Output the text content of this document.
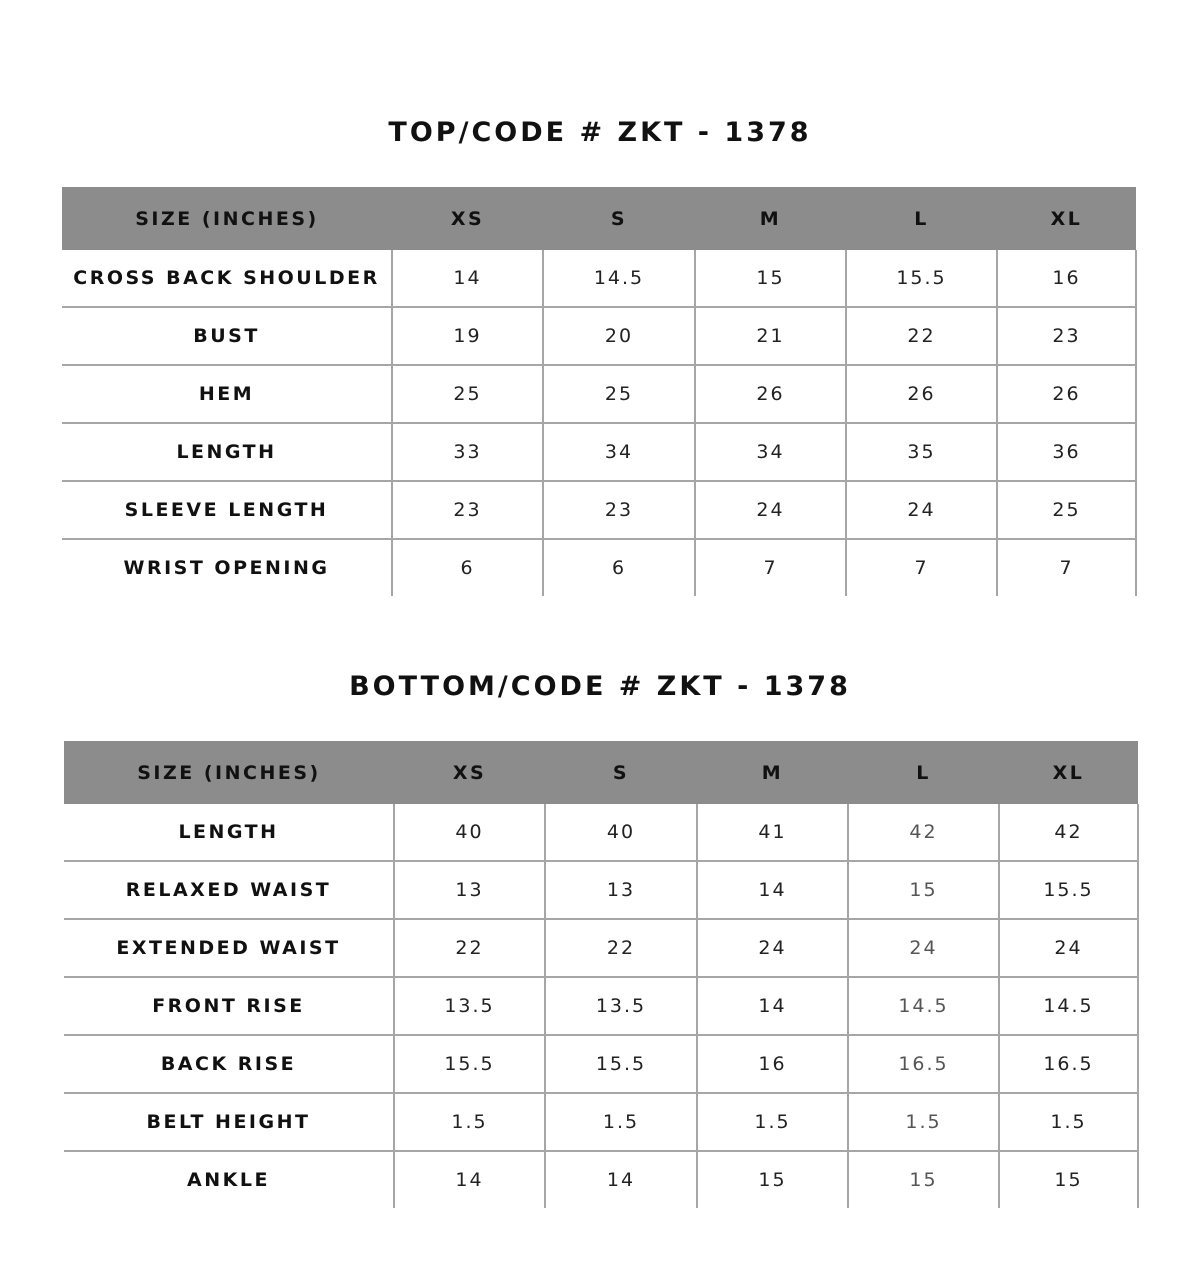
TOP/CODE # ZKT - 1378
SIZE (INCHES)	XS	S	M	L	XL
CROSS BACK SHOULDER	14	14.5	15	15.5	16
BUST	19	20	21	22	23
HEM	25	25	26	26	26
LENGTH	33	34	34	35	36
SLEEVE LENGTH	23	23	24	24	25
WRIST OPENING	6	6	7	7	7
BOTTOM/CODE # ZKT - 1378
SIZE (INCHES)	XS	S	M	L	XL
LENGTH	40	40	41	42	42
RELAXED WAIST	13	13	14	15	15.5
EXTENDED WAIST	22	22	24	24	24
FRONT RISE	13.5	13.5	14	14.5	14.5
BACK RISE	15.5	15.5	16	16.5	16.5
BELT HEIGHT	1.5	1.5	1.5	1.5	1.5
ANKLE	14	14	15	15	15
